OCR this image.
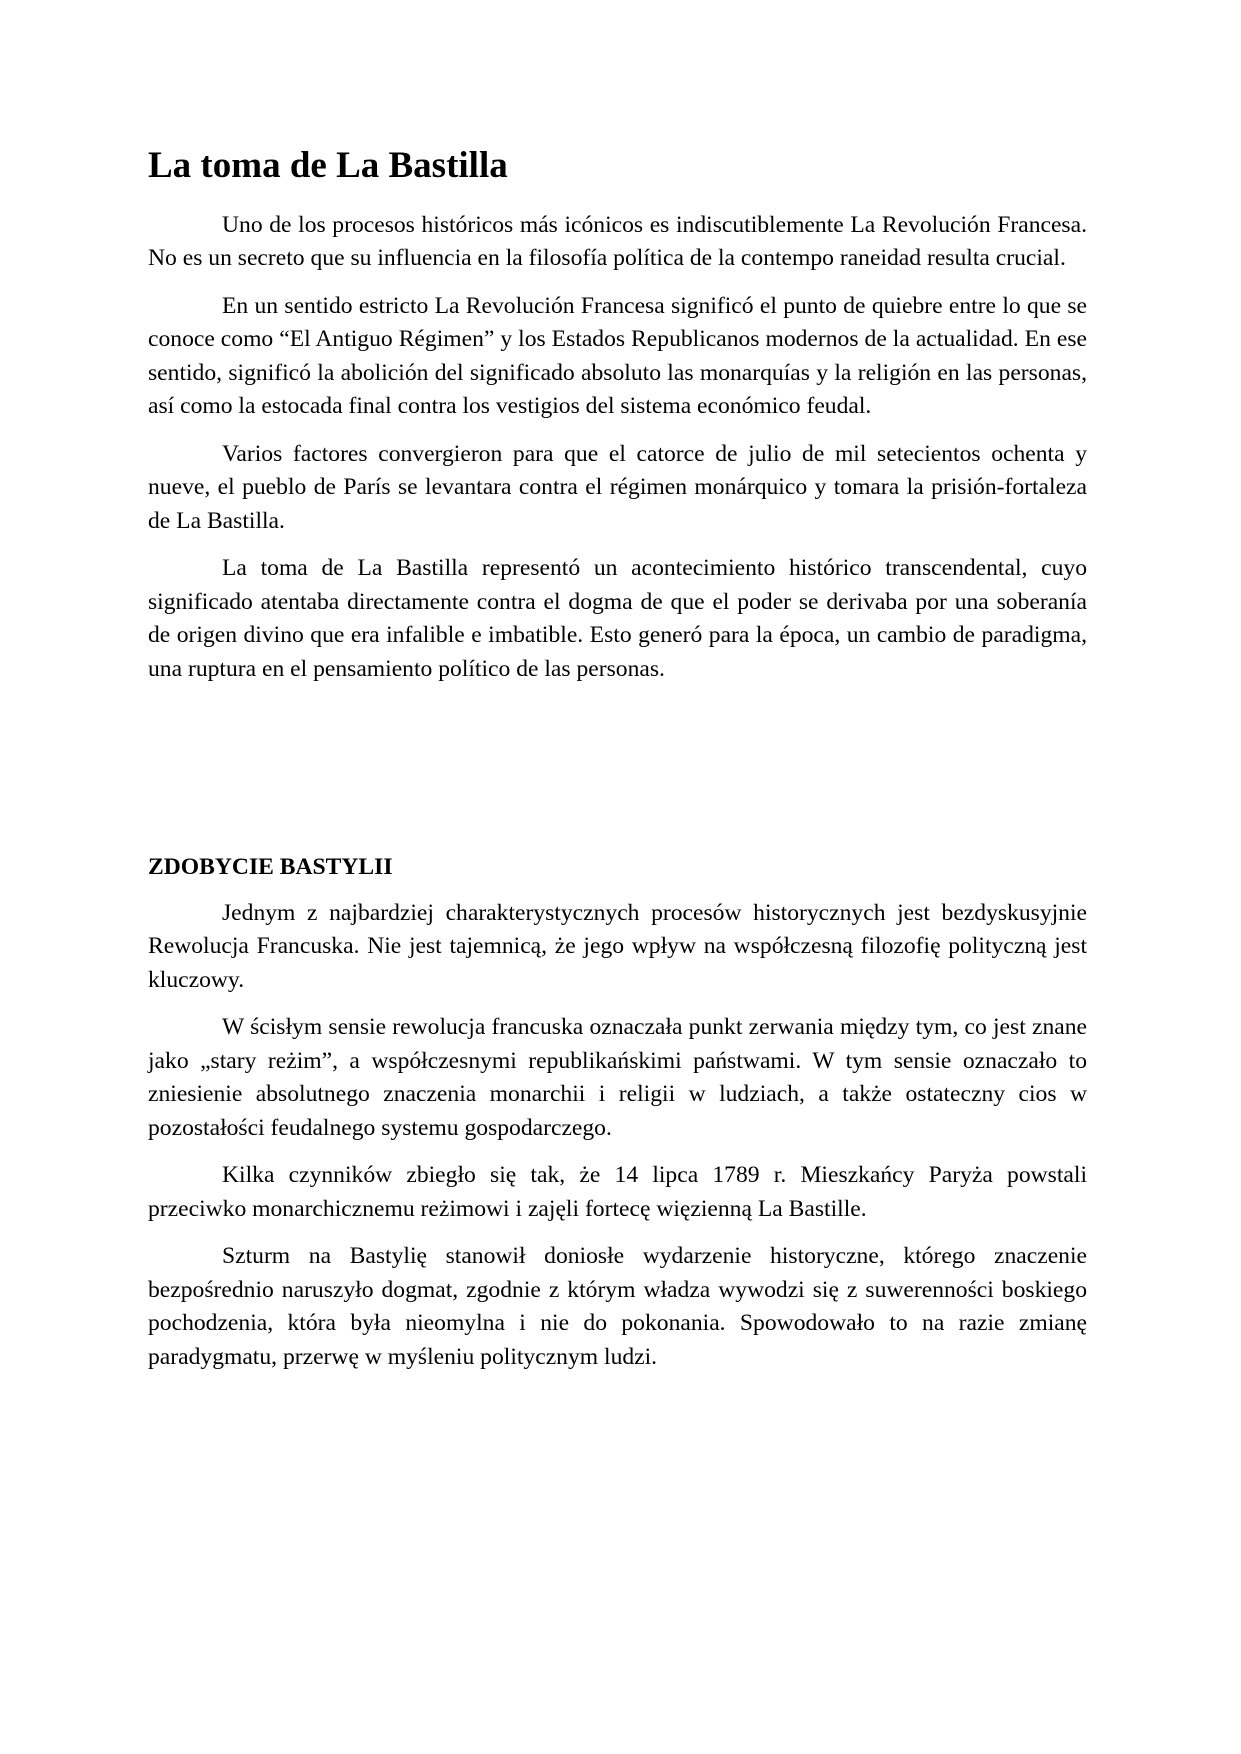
La toma de La Bastilla

Uno de los procesos históricos más icónicos es indiscutiblemente La Revolución Francesa. No es un secreto que su influencia en la filosofía política de la contempo raneidad resulta crucial.

En un sentido estricto La Revolución Francesa significó el punto de quiebre entre lo que se conoce como “El Antiguo Régimen” y los Estados Republicanos modernos de la actualidad. En ese sentido, significó la abolición del significado absoluto las monarquías y la religión en las personas, así como la estocada final contra los vestigios del sistema económico feudal.

Varios factores convergieron para que el catorce de julio de mil setecientos ochenta y nueve, el pueblo de París se levantara contra el régimen monárquico y tomara la prisión-fortaleza de La Bastilla.

La toma de La Bastilla representó un acontecimiento histórico transcendental, cuyo significado atentaba directamente contra el dogma de que el poder se derivaba por una soberanía de origen divino que era infalible e imbatible. Esto generó para la época, un cambio de paradigma, una ruptura en el pensamiento político de las personas.

ZDOBYCIE BASTYLII

Jednym z najbardziej charakterystycznych procesów historycznych jest bezdyskusyjnie Rewolucja Francuska. Nie jest tajemnicą, że jego wpływ na współczesną filozofię polityczną jest kluczowy.

W ścisłym sensie rewolucja francuska oznaczała punkt zerwania między tym, co jest znane jako „stary reżim”, a współczesnymi republikańskimi państwami. W tym sensie oznaczało to zniesienie absolutnego znaczenia monarchii i religii w ludziach, a także ostateczny cios w pozostałości feudalnego systemu gospodarczego.

Kilka czynników zbiegło się tak, że 14 lipca 1789 r. Mieszkańcy Paryża powstali przeciwko monarchicznemu reżimowi i zajęli fortecę więzienną La Bastille.

Szturm na Bastylię stanowił doniosłe wydarzenie historyczne, którego znaczenie bezpośrednio naruszyło dogmat, zgodnie z którym władza wywodzi się z suwerenności boskiego pochodzenia, która była nieomylna i nie do pokonania. Spowodowało to na razie zmianę paradygmatu, przerwę w myśleniu politycznym ludzi.
